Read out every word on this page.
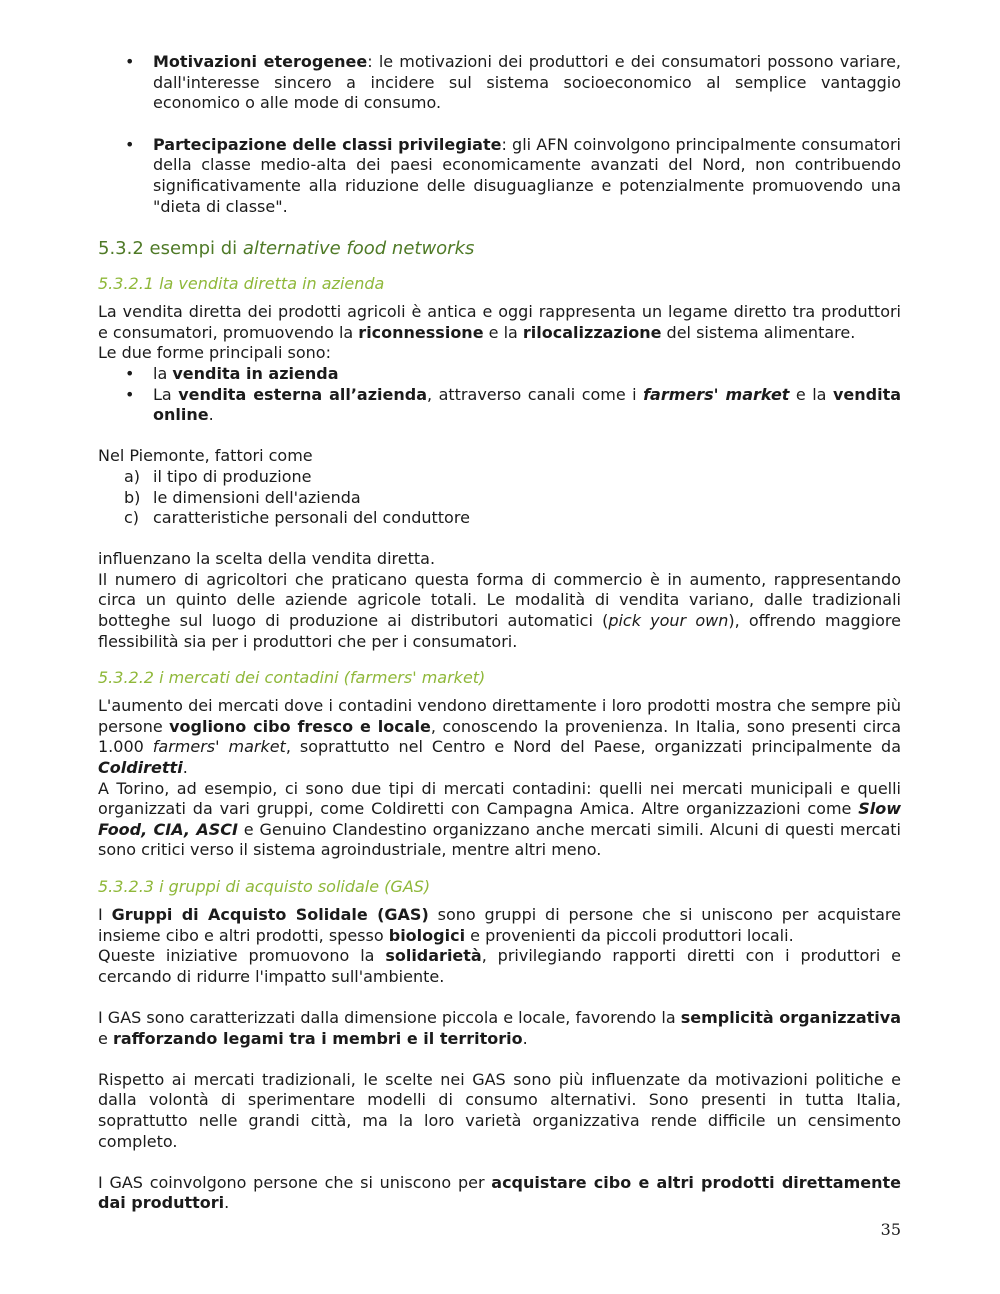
• Motivazioni eterogenee: le motivazioni dei produttori e dei consumatori possono variare, dall'interesse sincero a incidere sul sistema socioeconomico al semplice vantaggio economico o alle mode di consumo.
• Partecipazione delle classi privilegiate: gli AFN coinvolgono principalmente consumatori della classe medio-alta dei paesi economicamente avanzati del Nord, non contribuendo significativamente alla riduzione delle disuguaglianze e potenzialmente promuovendo una "dieta di classe".
5.3.2 esempi di alternative food networks
5.3.2.1 la vendita diretta in azienda

La vendita diretta dei prodotti agricoli è antica e oggi rappresenta un legame diretto tra produttori e consumatori, promuovendo la riconnessione e la rilocalizzazione del sistema alimentare.

Le due forme principali sono:

• la vendita in azienda
• La vendita esterna all’azienda, attraverso canali come i farmers' market e la vendita online.

Nel Piemonte, fattori come

a) il tipo di produzione
b) le dimensioni dell'azienda
c) caratteristiche personali del conduttore

influenzano la scelta della vendita diretta.

Il numero di agricoltori che praticano questa forma di commercio è in aumento, rappresentando circa un quinto delle aziende agricole totali. Le modalità di vendita variano, dalle tradizionali botteghe sul luogo di produzione ai distributori automatici (pick your own), offrendo maggiore flessibilità sia per i produttori che per i consumatori.

5.3.2.2 i mercati dei contadini (farmers' market)

L'aumento dei mercati dove i contadini vendono direttamente i loro prodotti mostra che sempre più persone vogliono cibo fresco e locale, conoscendo la provenienza. In Italia, sono presenti circa 1.000 farmers' market, soprattutto nel Centro e Nord del Paese, organizzati principalmente da Coldiretti.

A Torino, ad esempio, ci sono due tipi di mercati contadini: quelli nei mercati municipali e quelli organizzati da vari gruppi, come Coldiretti con Campagna Amica. Altre organizzazioni come Slow Food, CIA, ASCI e Genuino Clandestino organizzano anche mercati simili. Alcuni di questi mercati sono critici verso il sistema agroindustriale, mentre altri meno.

5.3.2.3 i gruppi di acquisto solidale (GAS)

I Gruppi di Acquisto Solidale (GAS) sono gruppi di persone che si uniscono per acquistare insieme cibo e altri prodotti, spesso biologici e provenienti da piccoli produttori locali.

Queste iniziative promuovono la solidarietà, privilegiando rapporti diretti con i produttori e cercando di ridurre l'impatto sull'ambiente.

I GAS sono caratterizzati dalla dimensione piccola e locale, favorendo la semplicità organizzativa e rafforzando legami tra i membri e il territorio.

Rispetto ai mercati tradizionali, le scelte nei GAS sono più influenzate da motivazioni politiche e dalla volontà di sperimentare modelli di consumo alternativi. Sono presenti in tutta Italia, soprattutto nelle grandi città, ma la loro varietà organizzativa rende difficile un censimento completo.

I GAS coinvolgono persone che si uniscono per acquistare cibo e altri prodotti direttamente dai produttori.

35
